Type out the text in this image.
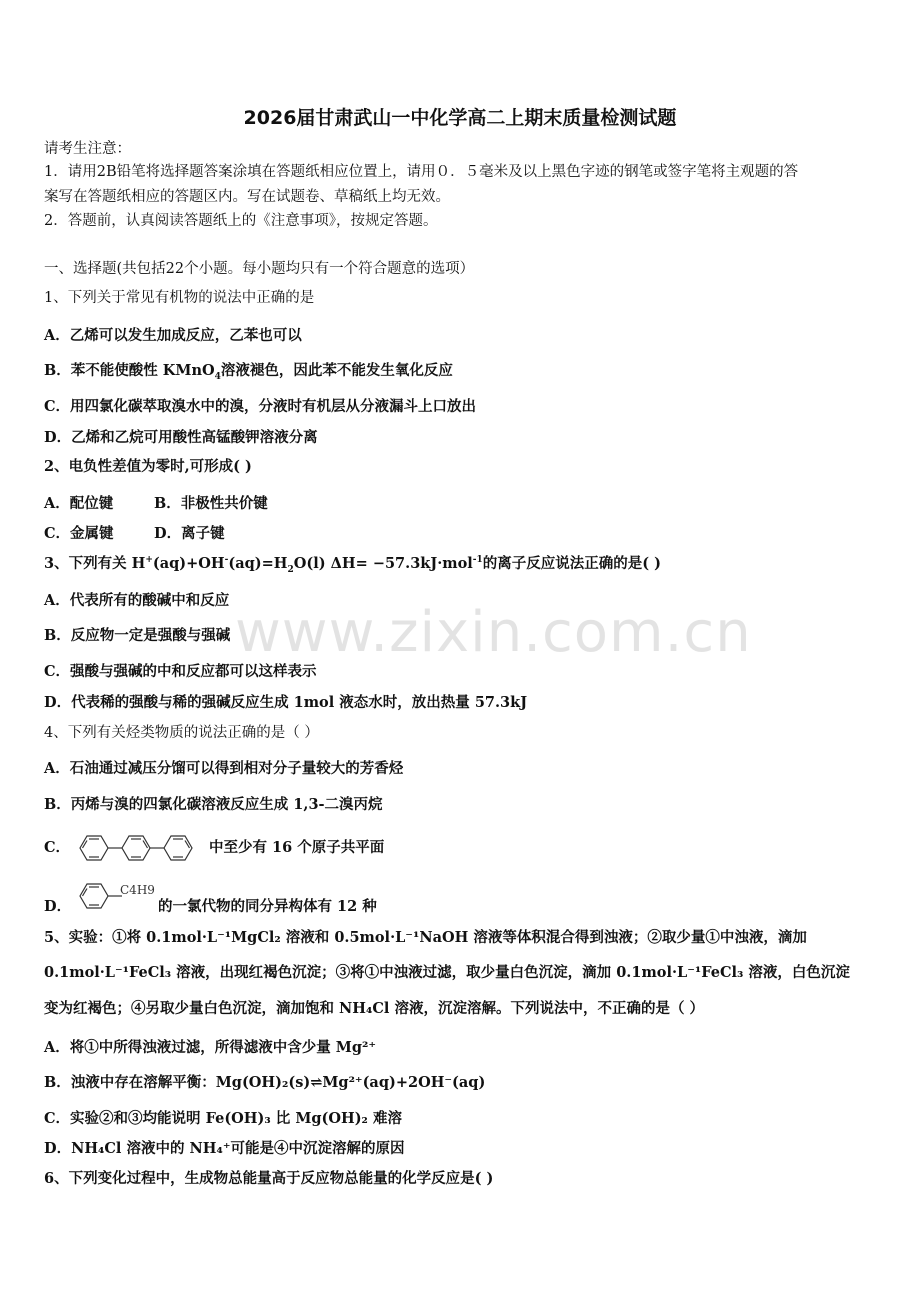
2026届甘肃武山一中化学高二上期末质量检测试题
请考生注意：
1．请用2B铅笔将选择题答案涂填在答题纸相应位置上，请用０．５毫米及以上黑色字迹的钢笔或签字笔将主观题的答
案写在答题纸相应的答题区内。写在试题卷、草稿纸上均无效。
2．答题前，认真阅读答题纸上的《注意事项》，按规定答题。
一、选择题(共包括22个小题。每小题均只有一个符合题意的选项）
1、下列关于常见有机物的说法中正确的是
A．乙烯可以发生加成反应，乙苯也可以
B．苯不能使酸性 KMnO$_4$溶液褪色，因此苯不能发生氧化反应
C．用四氯化碳萃取溴水中的溴，分液时有机层从分液漏斗上口放出
D．乙烯和乙烷可用酸性高锰酸钾溶液分离
2、电负性差值为零时,可形成( )
A．配位键	B．非极性共价键
C．金属键	D．离子键
3、下列有关 $H^+(aq)+OH^-(aq)=H_2O(l)$ ΔH= −57.3kJ·mol$^{-1}$的离子反应说法正确的是( )
A．代表所有的酸碱中和反应
B．反应物一定是强酸与强碱
C．强酸与强碱的中和反应都可以这样表示
D．代表稀的强酸与稀的强碱反应生成 1mol 液态水时，放出热量 57.3kJ
4、下列有关烃类物质的说法正确的是（ ）
A．石油通过减压分馏可以得到相对分子量较大的芳香烃
B．丙烯与溴的四氯化碳溶液反应生成 1,3-二溴丙烷
C．	中至少有 16 个原子共平面
D．
C4H9
的一氯代物的同分异构体有 12 种
5、实验：①将 0.1mol·L⁻¹MgCl₂ 溶液和 0.5mol·L⁻¹NaOH 溶液等体积混合得到浊液；②取少量①中浊液，滴加
0.1mol·L⁻¹FeCl₃ 溶液，出现红褐色沉淀；③将①中浊液过滤，取少量白色沉淀，滴加 0.1mol·L⁻¹FeCl₃ 溶液，白色沉淀
变为红褐色；④另取少量白色沉淀，滴加饱和 NH₄Cl 溶液，沉淀溶解。下列说法中，不正确的是（ ）
A．将①中所得浊液过滤，所得滤液中含少量 Mg²⁺
B．浊液中存在溶解平衡：Mg(OH)₂(s)⇌Mg²⁺(aq)+2OH⁻(aq)
C．实验②和③均能说明 Fe(OH)₃ 比 Mg(OH)₂ 难溶
D．NH₄Cl 溶液中的 NH₄⁺可能是④中沉淀溶解的原因
6、下列变化过程中，生成物总能量高于反应物总能量的化学反应是( )
www.zixin.com.cn
